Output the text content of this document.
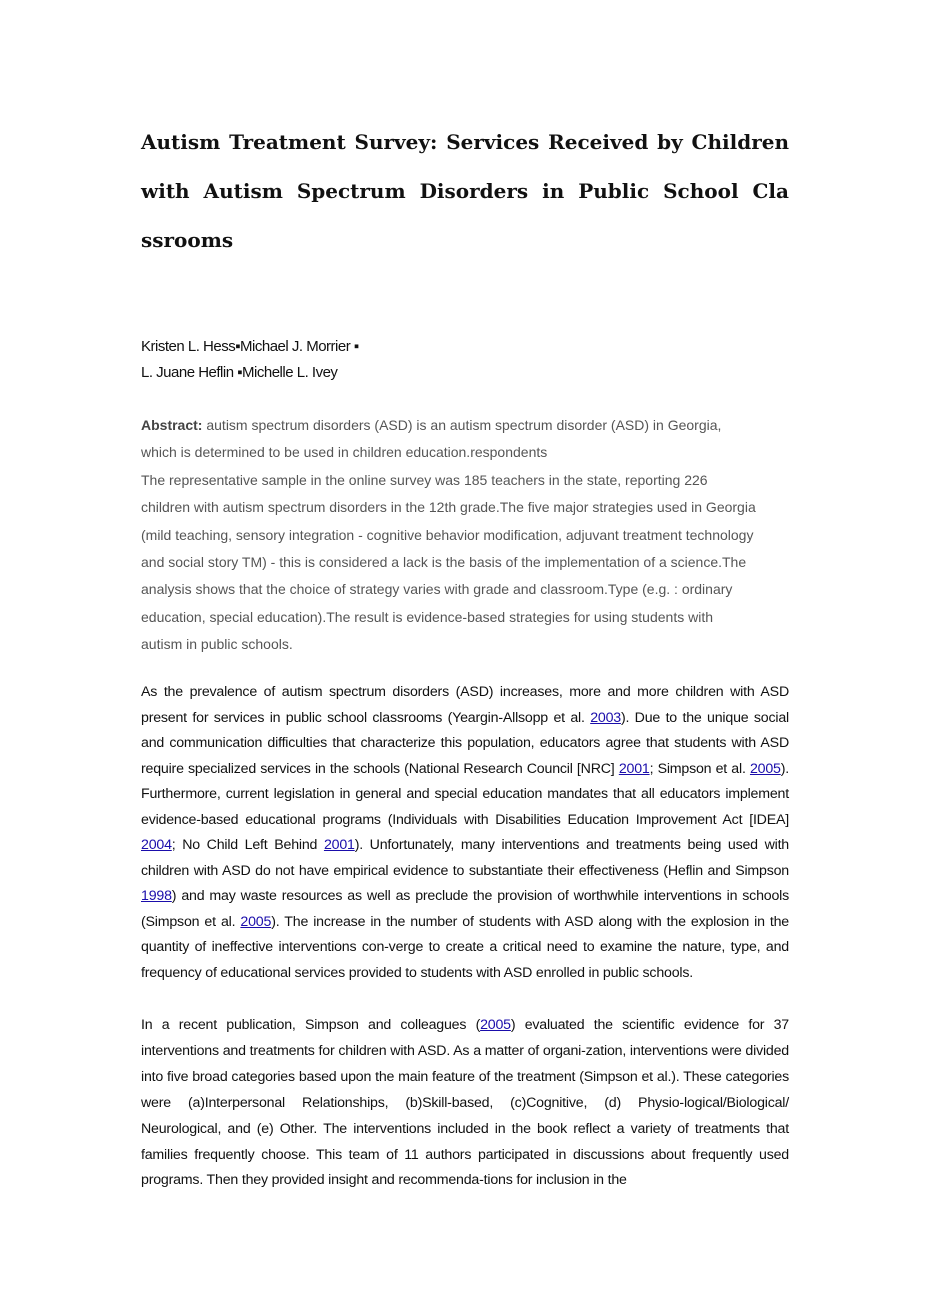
Autism Treatment Survey: Services Received by Children
with Autism Spectrum Disorders in Public School Cla
ssrooms
Kristen L. Hess▪Michael J. Morrier ▪
L. Juane Heflin ▪Michelle L. Ivey
Abstract: autism spectrum disorders (ASD) is an autism spectrum disorder (ASD) in Georgia,
which is determined to be used in children education.respondents
The representative sample in the online survey was 185 teachers in the state, reporting 226
children with autism spectrum disorders in the 12th grade.The five major strategies used in Georgia
(mild teaching, sensory integration - cognitive behavior modification, adjuvant treatment technology
and social story TM) - this is considered a lack is the basis of the implementation of a science.The
analysis shows that the choice of strategy varies with grade and classroom.Type (e.g. : ordinary
education, special education).The result is evidence-based strategies for using students with
autism in public schools.

As the prevalence of autism spectrum disorders (ASD) increases, more and more children with ASD present for services in public school classrooms (Yeargin-Allsopp et al. 2003). Due to the unique social and communication difficulties that characterize this population, educators agree that students with ASD require specialized services in the schools (National Research Council [NRC] 2001; Simpson et al. 2005). Furthermore, current legislation in general and special education mandates that all educators implement evidence-based educational programs (Individuals with Disabilities Education Improvement Act [IDEA] 2004; No Child Left Behind 2001). Unfortunately, many interventions and treatments being used with children with ASD do not have empirical evidence to substantiate their effectiveness (Heflin and Simpson 1998) and may waste resources as well as preclude the provision of worthwhile interventions in schools (Simpson et al. 2005). The increase in the number of students with ASD along with the explosion in the quantity of ineffective interventions con-verge to create a critical need to examine the nature, type, and frequency of educational services provided to students with ASD enrolled in public schools.

In a recent publication, Simpson and colleagues (2005) evaluated the scientific evidence for 37 interventions and treatments for children with ASD. As a matter of organi-zation, interventions were divided into five broad categories based upon the main feature of the treatment (Simpson et al.). These categories were (a)Interpersonal Relationships, (b)Skill-based, (c)Cognitive, (d) Physio-logical/Biological/ Neurological, and (e) Other. The interventions included in the book reflect a variety of treatments that families frequently choose. This team of 11 authors participated in discussions about frequently used programs. Then they provided insight and recommenda-tions for inclusion in the
